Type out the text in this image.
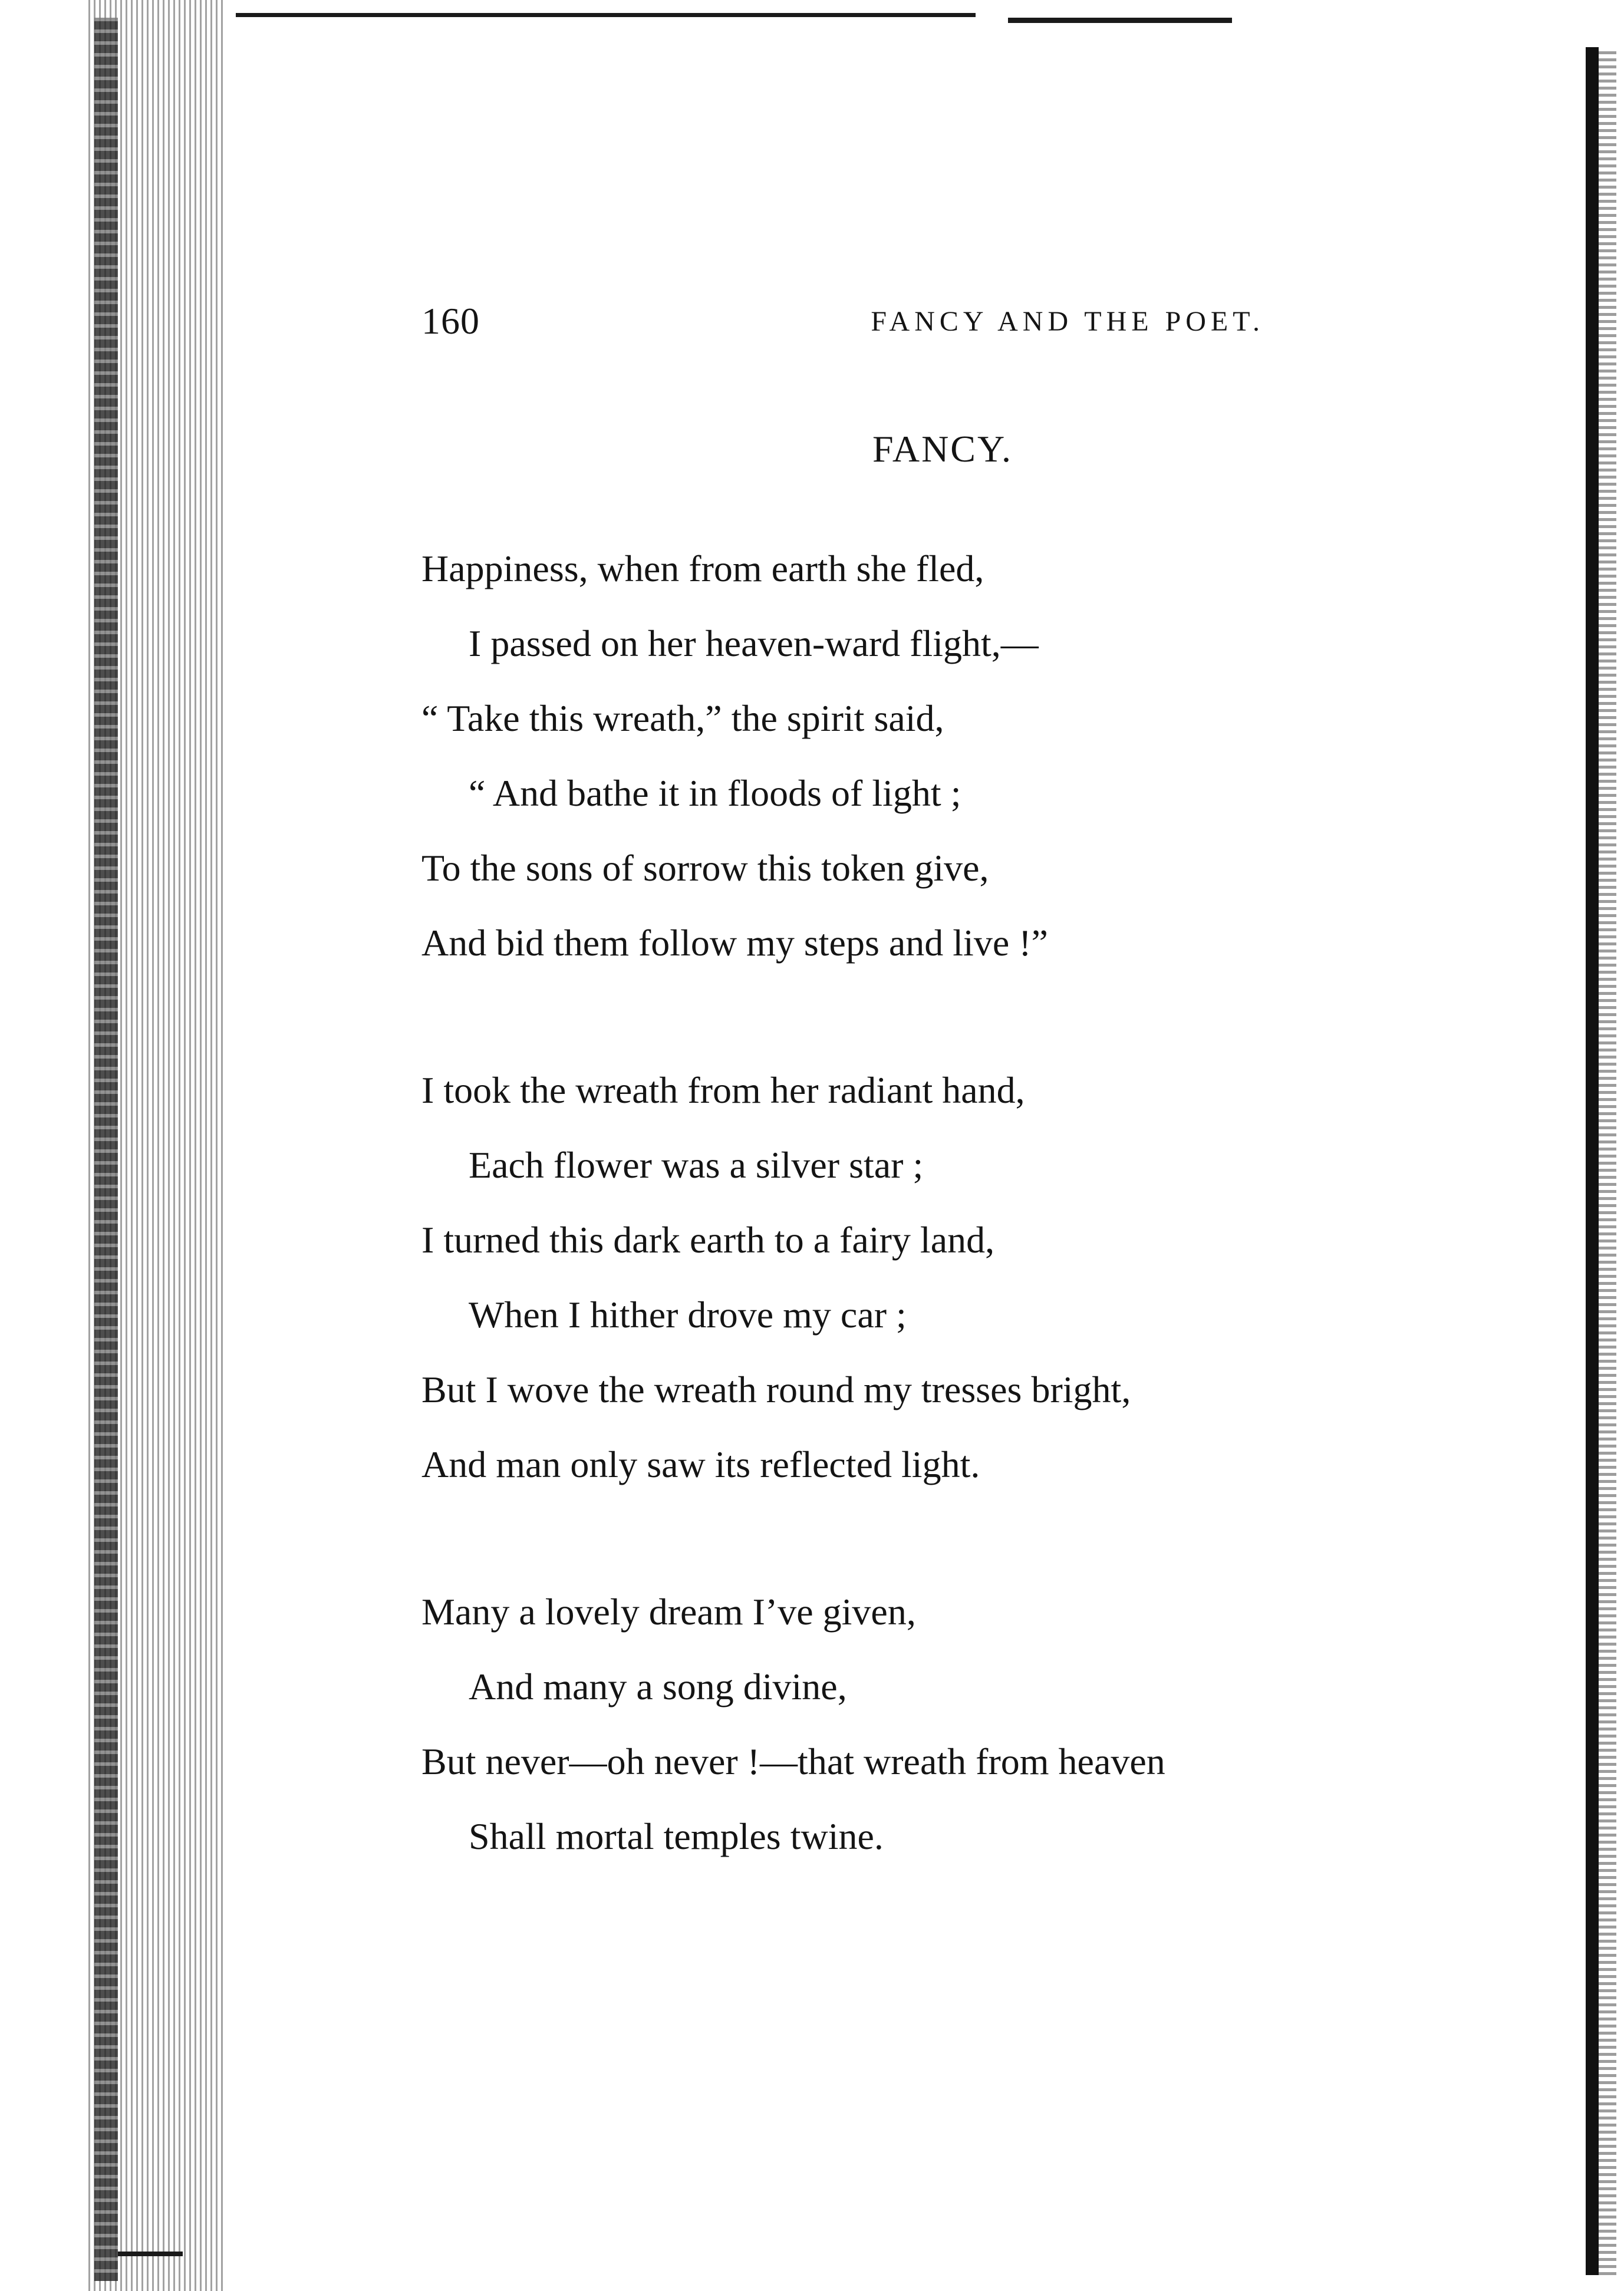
160	FANCY AND THE POET.
FANCY.
Happiness, when from earth she fled,
I passed on her heaven-ward flight,—
“ Take this wreath,” the spirit said,
“ And bathe it in floods of light ;
To the sons of sorrow this token give,
And bid them follow my steps and live !”
I took the wreath from her radiant hand,
Each flower was a silver star ;
I turned this dark earth to a fairy land,
When I hither drove my car ;
But I wove the wreath round my tresses bright,
And man only saw its reflected light.
Many a lovely dream I’ve given,
And many a song divine,
But never—oh never !—that wreath from heaven
Shall mortal temples twine.
